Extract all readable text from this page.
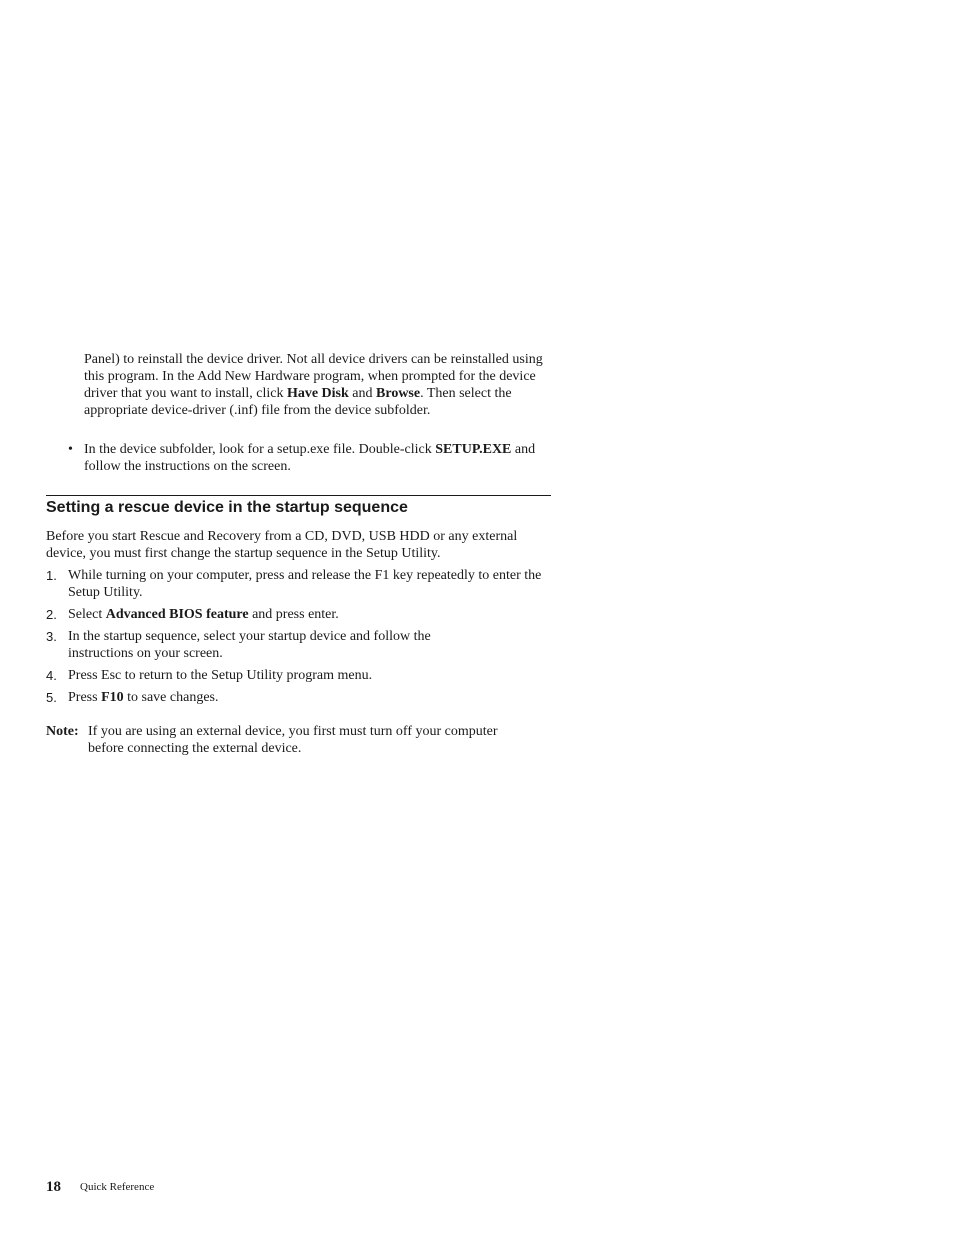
Panel) to reinstall the device driver. Not all device drivers can be reinstalled using this program. In the Add New Hardware program, when prompted for the device driver that you want to install, click Have Disk and Browse. Then select the appropriate device-driver (.inf) file from the device subfolder.

• In the device subfolder, look for a setup.exe file. Double-click SETUP.EXE and follow the instructions on the screen.

Setting a rescue device in the startup sequence

Before you start Rescue and Recovery from a CD, DVD, USB HDD or any external device, you must first change the startup sequence in the Setup Utility.

1. While turning on your computer, press and release the F1 key repeatedly to enter the Setup Utility.

2. Select Advanced BIOS feature and press enter.

3. In the startup sequence, select your startup device and follow the instructions on your screen.

4. Press Esc to return to the Setup Utility program menu.

5. Press F10 to save changes.

Note: If you are using an external device, you first must turn off your computer before connecting the external device.

18 Quick Reference
